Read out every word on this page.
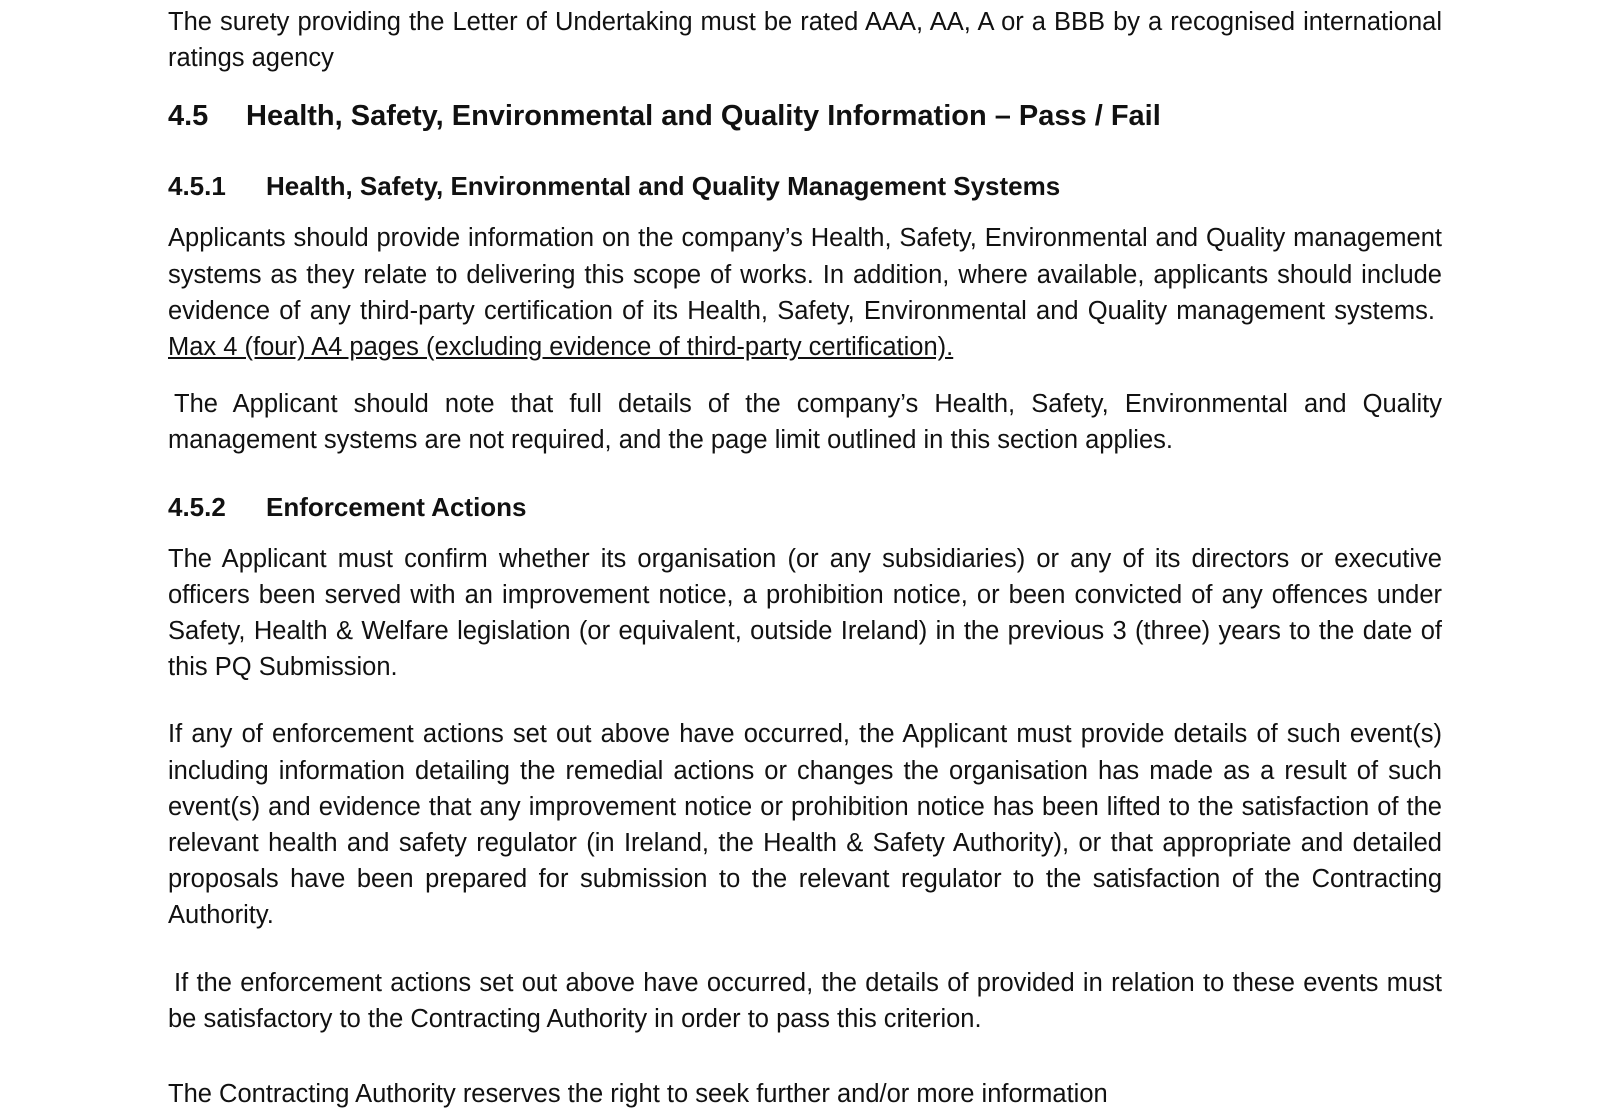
The surety providing the Letter of Undertaking must be rated AAA, AA, A or a BBB by a recognised international ratings agency

4.5	Health, Safety, Environmental and Quality Information – Pass / Fail
4.5.1	Health, Safety, Environmental and Quality Management Systems

Applicants should provide information on the company’s Health, Safety, Environmental and Quality management systems as they relate to delivering this scope of works. In addition, where available, applicants should include evidence of any third-party certification of its Health, Safety, Environmental and Quality management systems.  Max 4 (four) A4 pages (excluding evidence of third-party certification).

The Applicant should note that full details of the company’s Health, Safety, Environmental and Quality management systems are not required, and the page limit outlined in this section applies.

4.5.2	Enforcement Actions

The Applicant must confirm whether its organisation (or any subsidiaries) or any of its directors or executive officers been served with an improvement notice, a prohibition notice, or been convicted of any offences under Safety, Health & Welfare legislation (or equivalent, outside Ireland) in the previous 3 (three) years to the date of this PQ Submission.

If any of enforcement actions set out above have occurred, the Applicant must provide details of such event(s) including information detailing the remedial actions or changes the organisation has made as a result of such event(s) and evidence that any improvement notice or prohibition notice has been lifted to the satisfaction of the relevant health and safety regulator (in Ireland, the Health & Safety Authority), or that appropriate and detailed proposals have been prepared for submission to the relevant regulator to the satisfaction of the Contracting Authority.

If the enforcement actions set out above have occurred, the details of provided in relation to these events must be satisfactory to the Contracting Authority in order to pass this criterion.

The Contracting Authority reserves the right to seek further and/or more information
